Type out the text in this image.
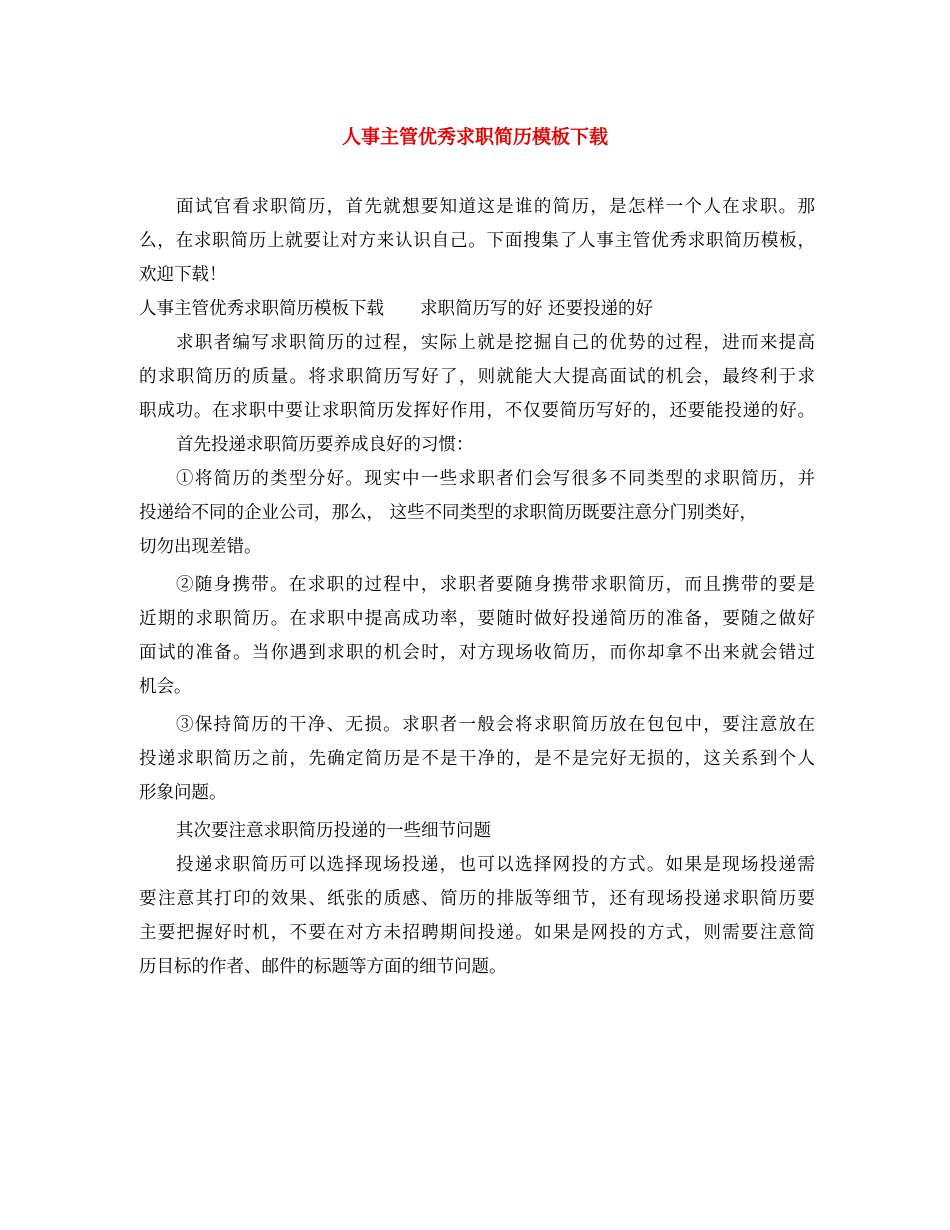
人事主管优秀求职简历模板下载
面试官看求职简历，首先就想要知道这是谁的简历，是怎样一个人在求职。那
么，在求职简历上就要让对方来认识自己。下面搜集了人事主管优秀求职简历模板，
欢迎下载！
人事主管优秀求职简历模板下载 求职简历写的好 还要投递的好
求职者编写求职简历的过程，实际上就是挖掘自己的优势的过程，进而来提高
的求职简历的质量。将求职简历写好了，则就能大大提高面试的机会，最终利于求
职成功。在求职中要让求职简历发挥好作用，不仅要简历写好的，还要能投递的好。
首先投递求职简历要养成良好的习惯：
①将简历的类型分好。现实中一些求职者们会写很多不同类型的求职简历，并
投递给不同的企业公司，那么， 这些不同类型的求职简历既要注意分门别类好，
切勿出现差错。
②随身携带。在求职的过程中，求职者要随身携带求职简历，而且携带的要是
近期的求职简历。在求职中提高成功率，要随时做好投递简历的准备，要随之做好
面试的准备。当你遇到求职的机会时，对方现场收简历，而你却拿不出来就会错过
机会。
③保持简历的干净、无损。求职者一般会将求职简历放在包包中，要注意放在
投递求职简历之前，先确定简历是不是干净的，是不是完好无损的，这关系到个人
形象问题。
其次要注意求职简历投递的一些细节问题
投递求职简历可以选择现场投递，也可以选择网投的方式。如果是现场投递需
要注意其打印的效果、纸张的质感、简历的排版等细节，还有现场投递求职简历要
主要把握好时机，不要在对方未招聘期间投递。如果是网投的方式，则需要注意简
历目标的作者、邮件的标题等方面的细节问题。
